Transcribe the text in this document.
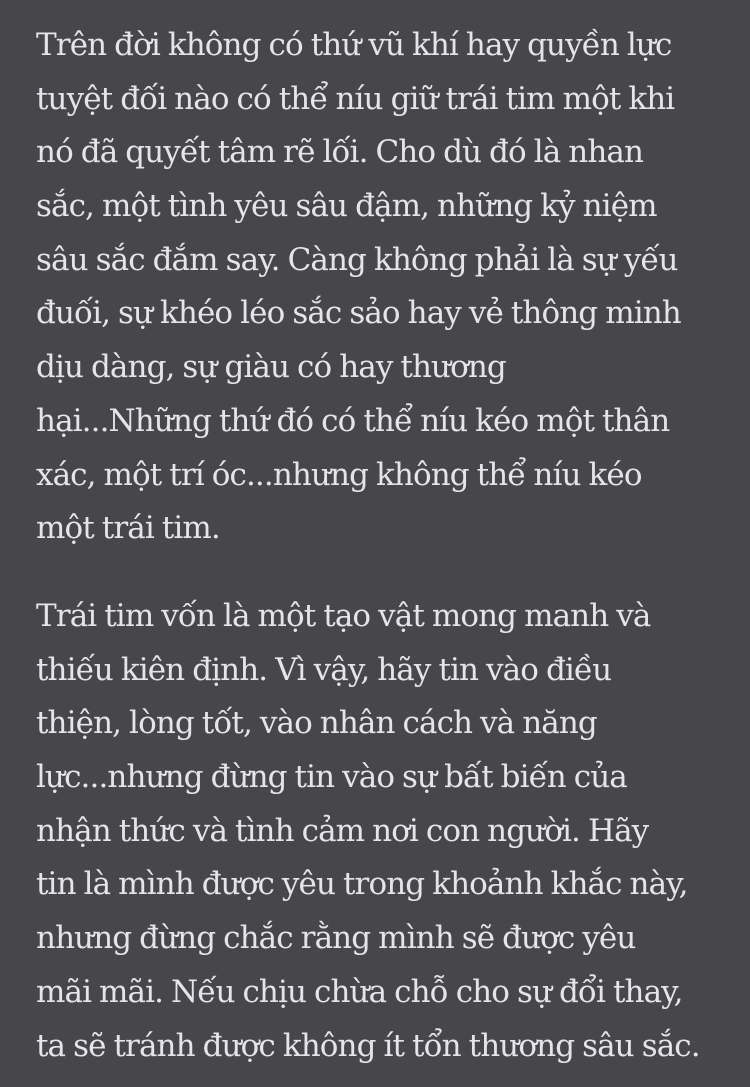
Trên đời không có thứ vũ khí hay quyền lực
tuyệt đối nào có thể níu giữ trái tim một khi
nó đã quyết tâm rẽ lối. Cho dù đó là nhan
sắc, một tình yêu sâu đậm, những kỷ niệm
sâu sắc đắm say. Càng không phải là sự yếu
đuối, sự khéo léo sắc sảo hay vẻ thông minh
dịu dàng, sự giàu có hay thương
hại...Những thứ đó có thể níu kéo một thân
xác, một trí óc...nhưng không thể níu kéo
một trái tim.

Trái tim vốn là một tạo vật mong manh và
thiếu kiên định. Vì vậy, hãy tin vào điều
thiện, lòng tốt, vào nhân cách và năng
lực...nhưng đừng tin vào sự bất biến của
nhận thức và tình cảm nơi con người. Hãy
tin là mình được yêu trong khoảnh khắc này,
nhưng đừng chắc rằng mình sẽ được yêu
mãi mãi. Nếu chịu chừa chỗ cho sự đổi thay,
ta sẽ tránh được không ít tổn thương sâu sắc.
